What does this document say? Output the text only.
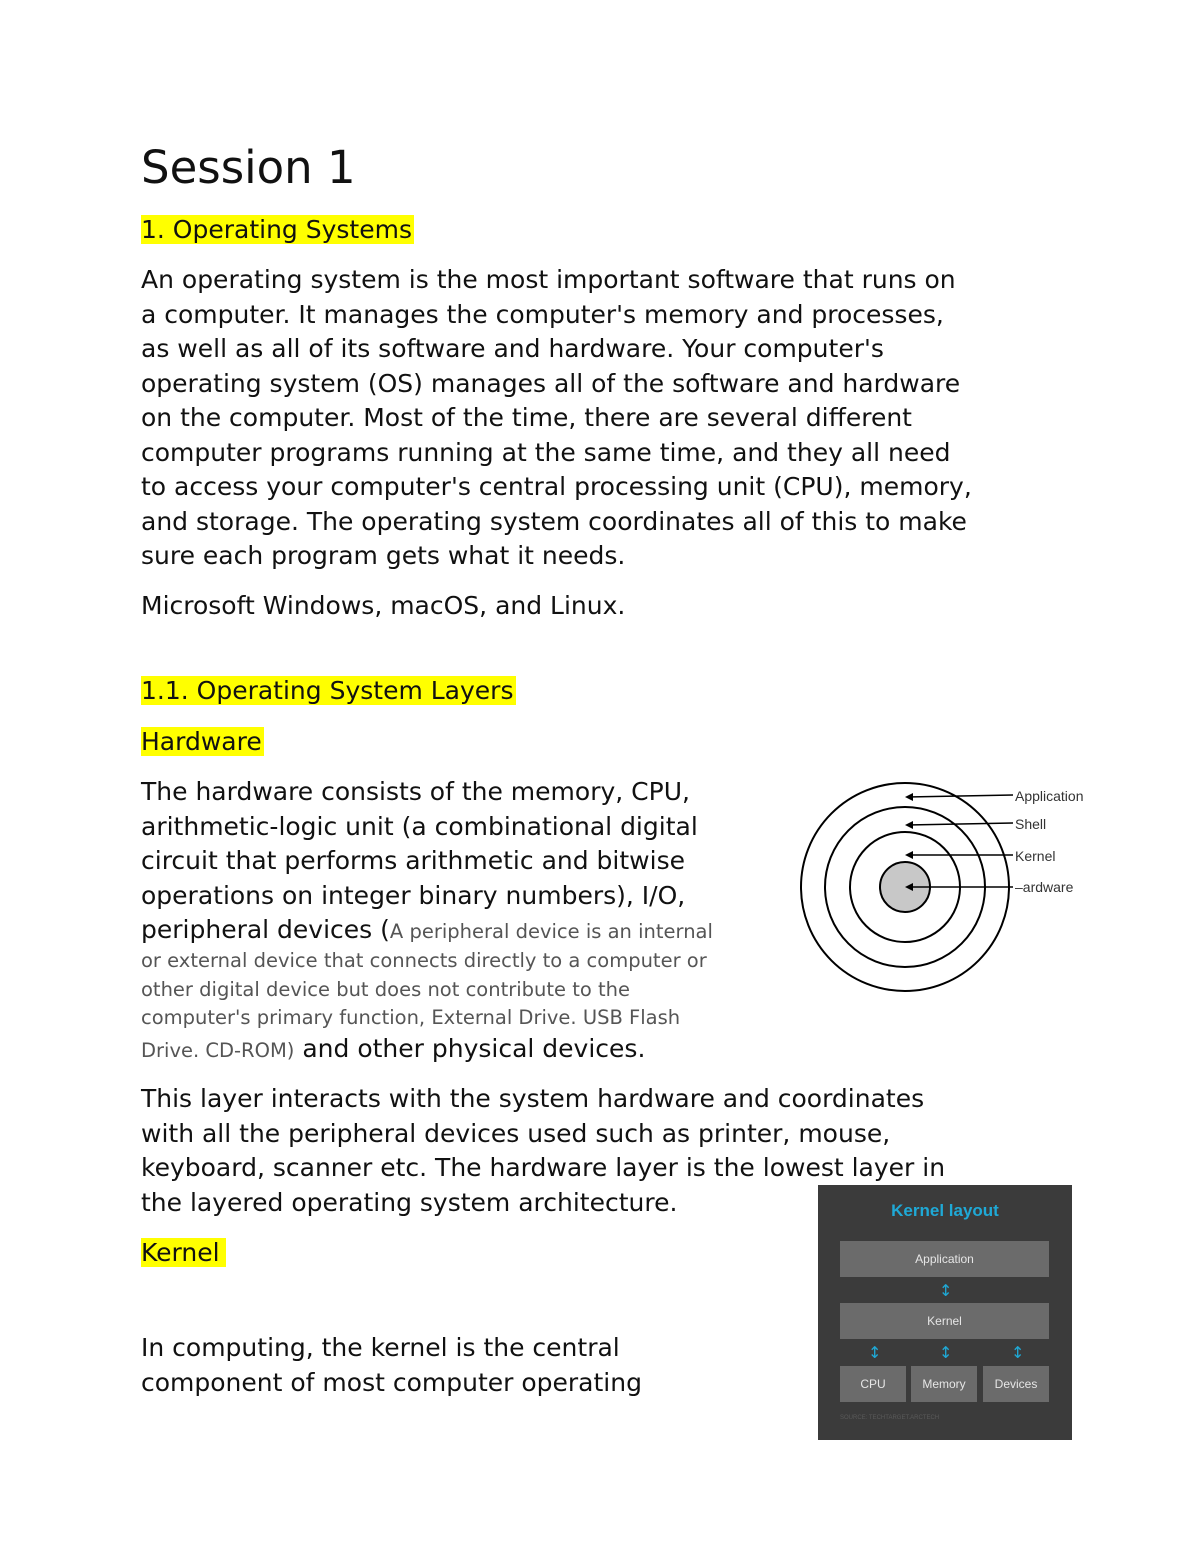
Session 1
1. Operating Systems
An operating system is the most important software that runs on
a computer. It manages the computer's memory and processes,
as well as all of its software and hardware. Your computer's
operating system (OS) manages all of the software and hardware
on the computer. Most of the time, there are several different
computer programs running at the same time, and they all need
to access your computer's central processing unit (CPU), memory,
and storage. The operating system coordinates all of this to make
sure each program gets what it needs.
Microsoft Windows, macOS, and Linux.
1.1. Operating System Layers
Hardware
The hardware consists of the memory, CPU,
arithmetic-logic unit (a combinational digital
circuit that performs arithmetic and bitwise
operations on integer binary numbers), I/O,
peripheral devices (A peripheral device is an internal
or external device that connects directly to a computer or
other digital device but does not contribute to the
computer's primary function, External Drive. USB Flash
Drive. CD-ROM) and other physical devices.
This layer interacts with the system hardware and coordinates
with all the peripheral devices used such as printer, mouse,
keyboard, scanner etc. The hardware layer is the lowest layer in
the layered operating system architecture.
Kernel
In computing, the kernel is the central
component of most computer operating
Application
Shell
Kernel
–ardware
Kernel layout
Application
↕
Kernel
↕	↕	↕
CPU	Memory	Devices
SOURCE: TECHTARGET.ARCTECH
